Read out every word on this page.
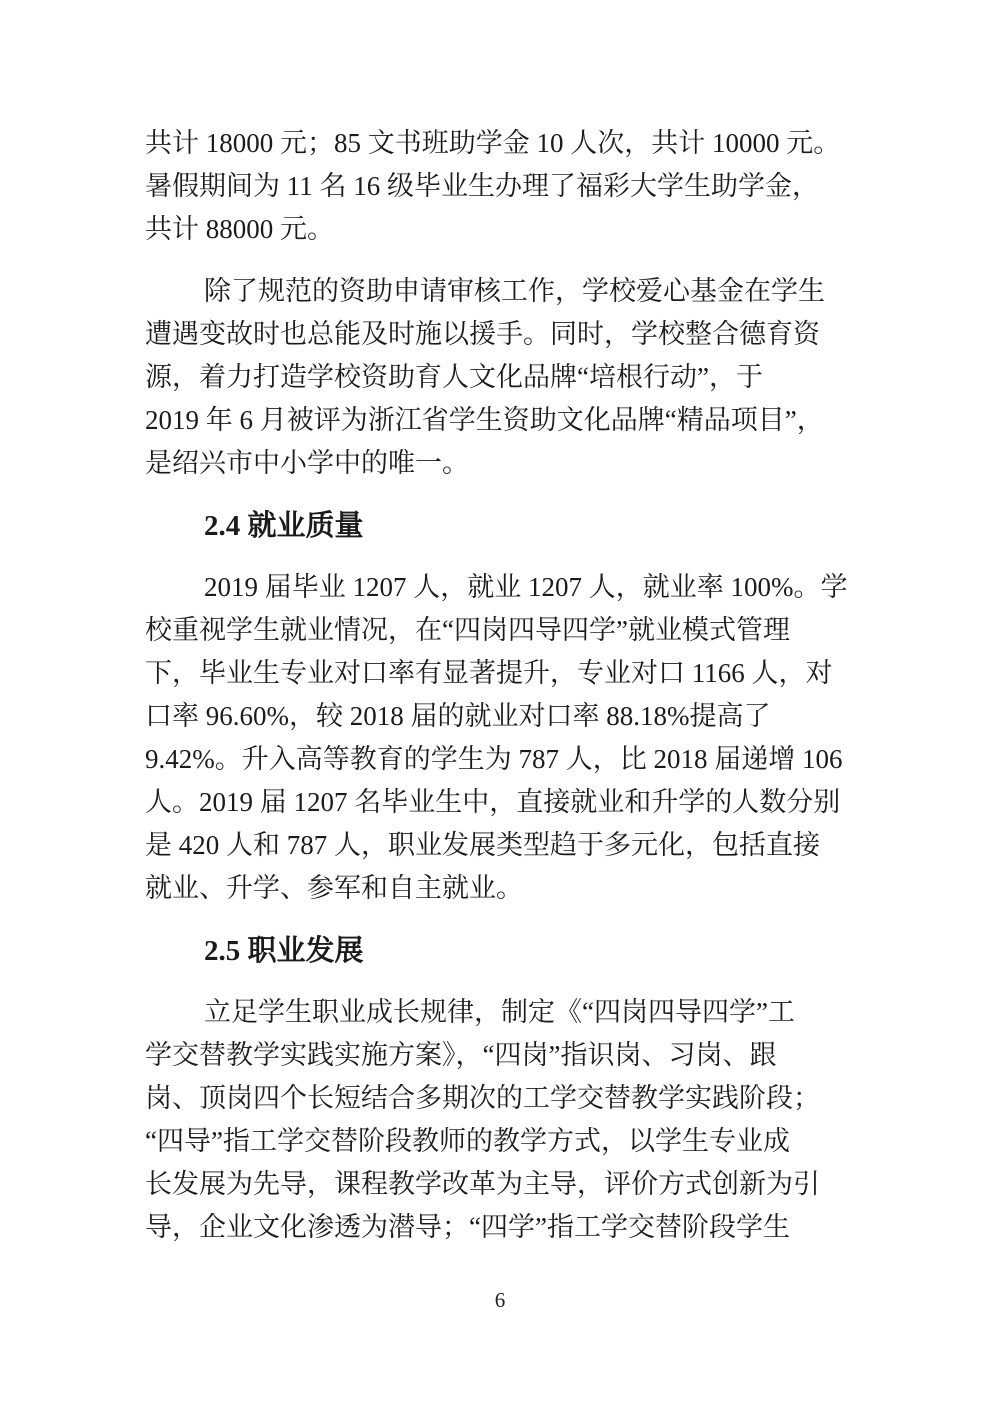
共计 18000 元；85 文书班助学金 10 人次，共计 10000 元。
暑假期间为 11 名 16 级毕业生办理了福彩大学生助学金，
共计 88000 元。
除了规范的资助申请审核工作，学校爱心基金在学生
遭遇变故时也总能及时施以援手。同时，学校整合德育资
源，着力打造学校资助育人文化品牌“培根行动”，于
2019 年 6 月被评为浙江省学生资助文化品牌“精品项目”，
是绍兴市中小学中的唯一。
2.4 就业质量
2019 届毕业 1207 人，就业 1207 人，就业率 100%。学
校重视学生就业情况，在“四岗四导四学”就业模式管理
下，毕业生专业对口率有显著提升，专业对口 1166 人，对
口率 96.60%，较 2018 届的就业对口率 88.18%提高了
9.42%。升入高等教育的学生为 787 人，比 2018 届递增 106
人。2019 届 1207 名毕业生中，直接就业和升学的人数分别
是 420 人和 787 人，职业发展类型趋于多元化，包括直接
就业、升学、参军和自主就业。
2.5 职业发展
立足学生职业成长规律，制定《“四岗四导四学”工
学交替教学实践实施方案》，“四岗”指识岗、习岗、跟
岗、顶岗四个长短结合多期次的工学交替教学实践阶段；
“四导”指工学交替阶段教师的教学方式，以学生专业成
长发展为先导，课程教学改革为主导，评价方式创新为引
导，企业文化渗透为潜导；“四学”指工学交替阶段学生
6
